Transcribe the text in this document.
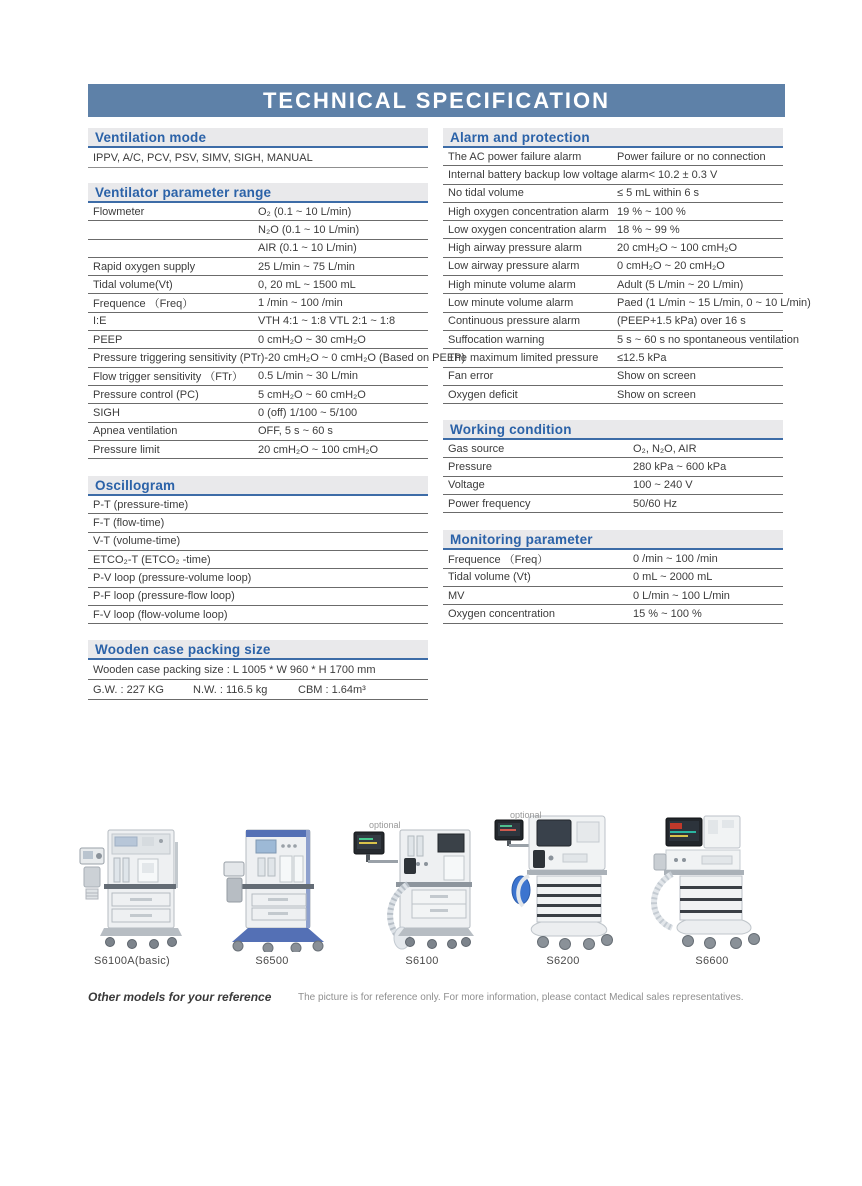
TECHNICAL SPECIFICATION
Ventilation mode
IPPV, A/C, PCV, PSV, SIMV, SIGH, MANUAL
Ventilator parameter range
Flowmeter	O₂ (0.1 ~ 10 L/min)
N₂O (0.1 ~ 10 L/min)
AIR (0.1 ~ 10 L/min)
Rapid oxygen supply	25 L/min ~ 75 L/min
Tidal volume(Vt)	0, 20 mL ~ 1500 mL
Frequence （Freq）	1 /min ~ 100 /min
I:E	VTH 4:1 ~ 1:8 VTL 2:1 ~ 1:8
PEEP	0 cmH₂O ~ 30 cmH₂O
Pressure triggering sensitivity (PTr) -20 cmH₂O ~ 0 cmH₂O (Based on PEEP)
Flow trigger sensitivity （FTr）	0.5 L/min ~ 30 L/min
Pressure control (PC)	5 cmH₂O ~ 60 cmH₂O
SIGH	0 (off) 1/100 ~ 5/100
Apnea ventilation	OFF, 5 s ~ 60 s
Pressure limit	20 cmH₂O ~ 100 cmH₂O
Oscillogram
P-T (pressure-time)
F-T (flow-time)
V-T (volume-time)
ETCO₂-T (ETCO₂ -time)
P-V loop (pressure-volume loop)
P-F loop (pressure-flow loop)
F-V loop (flow-volume loop)
Wooden case packing size
Wooden case packing size : L 1005 * W 960 * H 1700 mm
G.W. : 227 KG	N.W. : 116.5 kg	CBM : 1.64m³
Alarm and protection
The AC power failure alarm	Power failure or no connection
Internal battery backup low voltage alarm < 10.2 ± 0.3 V
No tidal volume	≤ 5 mL within 6 s
High oxygen concentration alarm 19 % ~ 100 %
Low oxygen concentration alarm 18 % ~ 99 %
High airway pressure alarm	20 cmH₂O ~ 100 cmH₂O
Low airway pressure alarm	0 cmH₂O ~ 20 cmH₂O
High minute volume alarm	Adult (5 L/min ~ 20 L/min)
Low minute volume alarm	Paed (1 L/min ~ 15 L/min, 0 ~ 10 L/min)
Continuous pressure alarm	(PEEP+1.5 kPa) over 16 s
Suffocation warning	5 s ~ 60 s no spontaneous ventilation
The maximum limited pressure	≤12.5 kPa
Fan error	Show on screen
Oxygen deficit	Show on screen
Working condition
Gas source	O₂, N₂O, AIR
Pressure	280 kPa ~ 600 kPa
Voltage	100 ~ 240 V
Power frequency	50/60 Hz
Monitoring parameter
Frequence （Freq）	0 /min ~ 100 /min
Tidal volume (Vt)	0 mL ~ 2000 mL
MV	0 L/min ~ 100 L/min
Oxygen concentration	15 % ~ 100 %
S6100A(basic)	S6500
optional
S6100
optional
S6200	S6600
Other models for your reference	The picture is for reference only. For more information, please contact Medical sales representatives.
